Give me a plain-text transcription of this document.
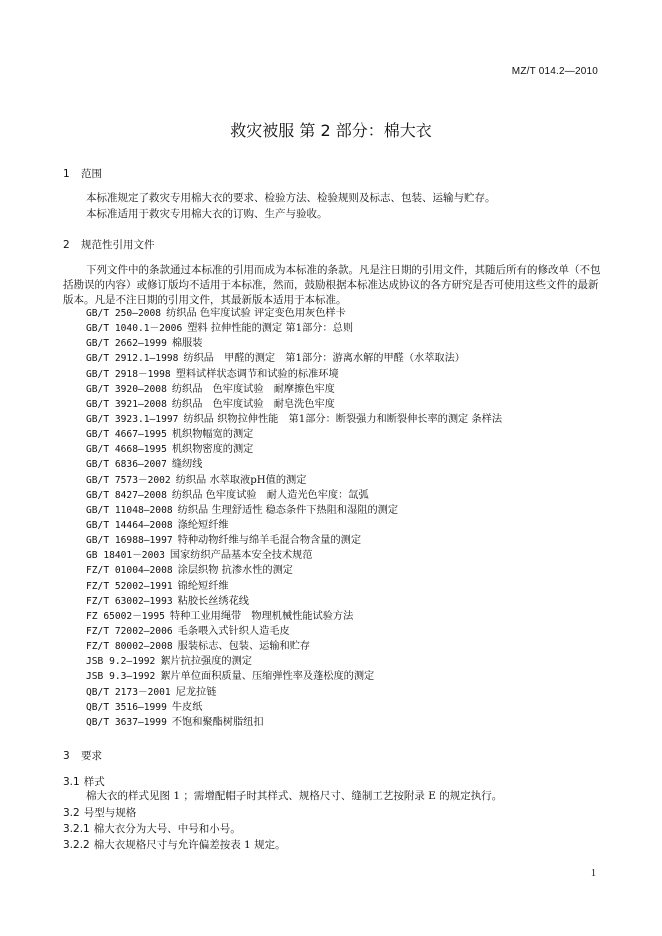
MZ/T 014.2—2010
救灾被服 第 2 部分：棉大衣
1 范围
本标准规定了救灾专用棉大衣的要求、检验方法、检验规则及标志、包装、运输与贮存。
本标准适用于救灾专用棉大衣的订购、生产与验收。
2 规范性引用文件
下列文件中的条款通过本标准的引用而成为本标准的条款。凡是注日期的引用文件，其随后所有的修改单（不包括勘误的内容）或修订版均不适用于本标准，然而，鼓励根据本标准达成协议的各方研究是否可使用这些文件的最新版本。凡是不注日期的引用文件，其最新版本适用于本标准。
GB/T 250—2008 纺织品 色牢度试验 评定变色用灰色样卡
GB/T 1040.1－2006 塑料 拉伸性能的测定 第1部分：总则
GB/T 2662—1999 棉服装
GB/T 2912.1—1998 纺织品　甲醛的测定　第1部分：游离水解的甲醛（水萃取法）
GB/T 2918－1998 塑料试样状态调节和试验的标准环境
GB/T 3920—2008 纺织品　色牢度试验　耐摩擦色牢度
GB/T 3921—2008 纺织品　色牢度试验　耐皂洗色牢度
GB/T 3923.1—1997 纺织品 织物拉伸性能　第1部分：断裂强力和断裂伸长率的测定 条样法
GB/T 4667—1995 机织物幅宽的测定
GB/T 4668—1995 机织物密度的测定
GB/T 6836—2007 缝纫线
GB/T 7573－2002 纺织品 水萃取液pH值的测定
GB/T 8427—2008 纺织品 色牢度试验　耐人造光色牢度：氙弧
GB/T 11048—2008 纺织品 生理舒适性 稳态条件下热阻和湿阻的测定
GB/T 14464—2008 涤纶短纤维
GB/T 16988—1997 特种动物纤维与绵羊毛混合物含量的测定
GB 18401－2003 国家纺织产品基本安全技术规范
FZ/T 01004—2008 涂层织物 抗渗水性的测定
FZ/T 52002—1991 锦纶短纤维
FZ/T 63002—1993 粘胶长丝绣花线
FZ 65002－1995 特种工业用绳带　物理机械性能试验方法
FZ/T 72002—2006 毛条喂入式针织人造毛皮
FZ/T 80002—2008 服装标志、包装、运输和贮存
JSB 9.2—1992 絮片抗拉强度的测定
JSB 9.3—1992 絮片单位面积质量、压缩弹性率及蓬松度的测定
QB/T 2173－2001 尼龙拉链
QB/T 3516—1999 牛皮纸
QB/T 3637—1999 不饱和聚酯树脂纽扣
3 要求
3.1 样式
棉大衣的样式见图 1 ；需增配帽子时其样式、规格尺寸、缝制工艺按附录 E 的规定执行。
3.2 号型与规格
3.2.1 棉大衣分为大号、中号和小号。
3.2.2 棉大衣规格尺寸与允许偏差按表 1 规定。
1
